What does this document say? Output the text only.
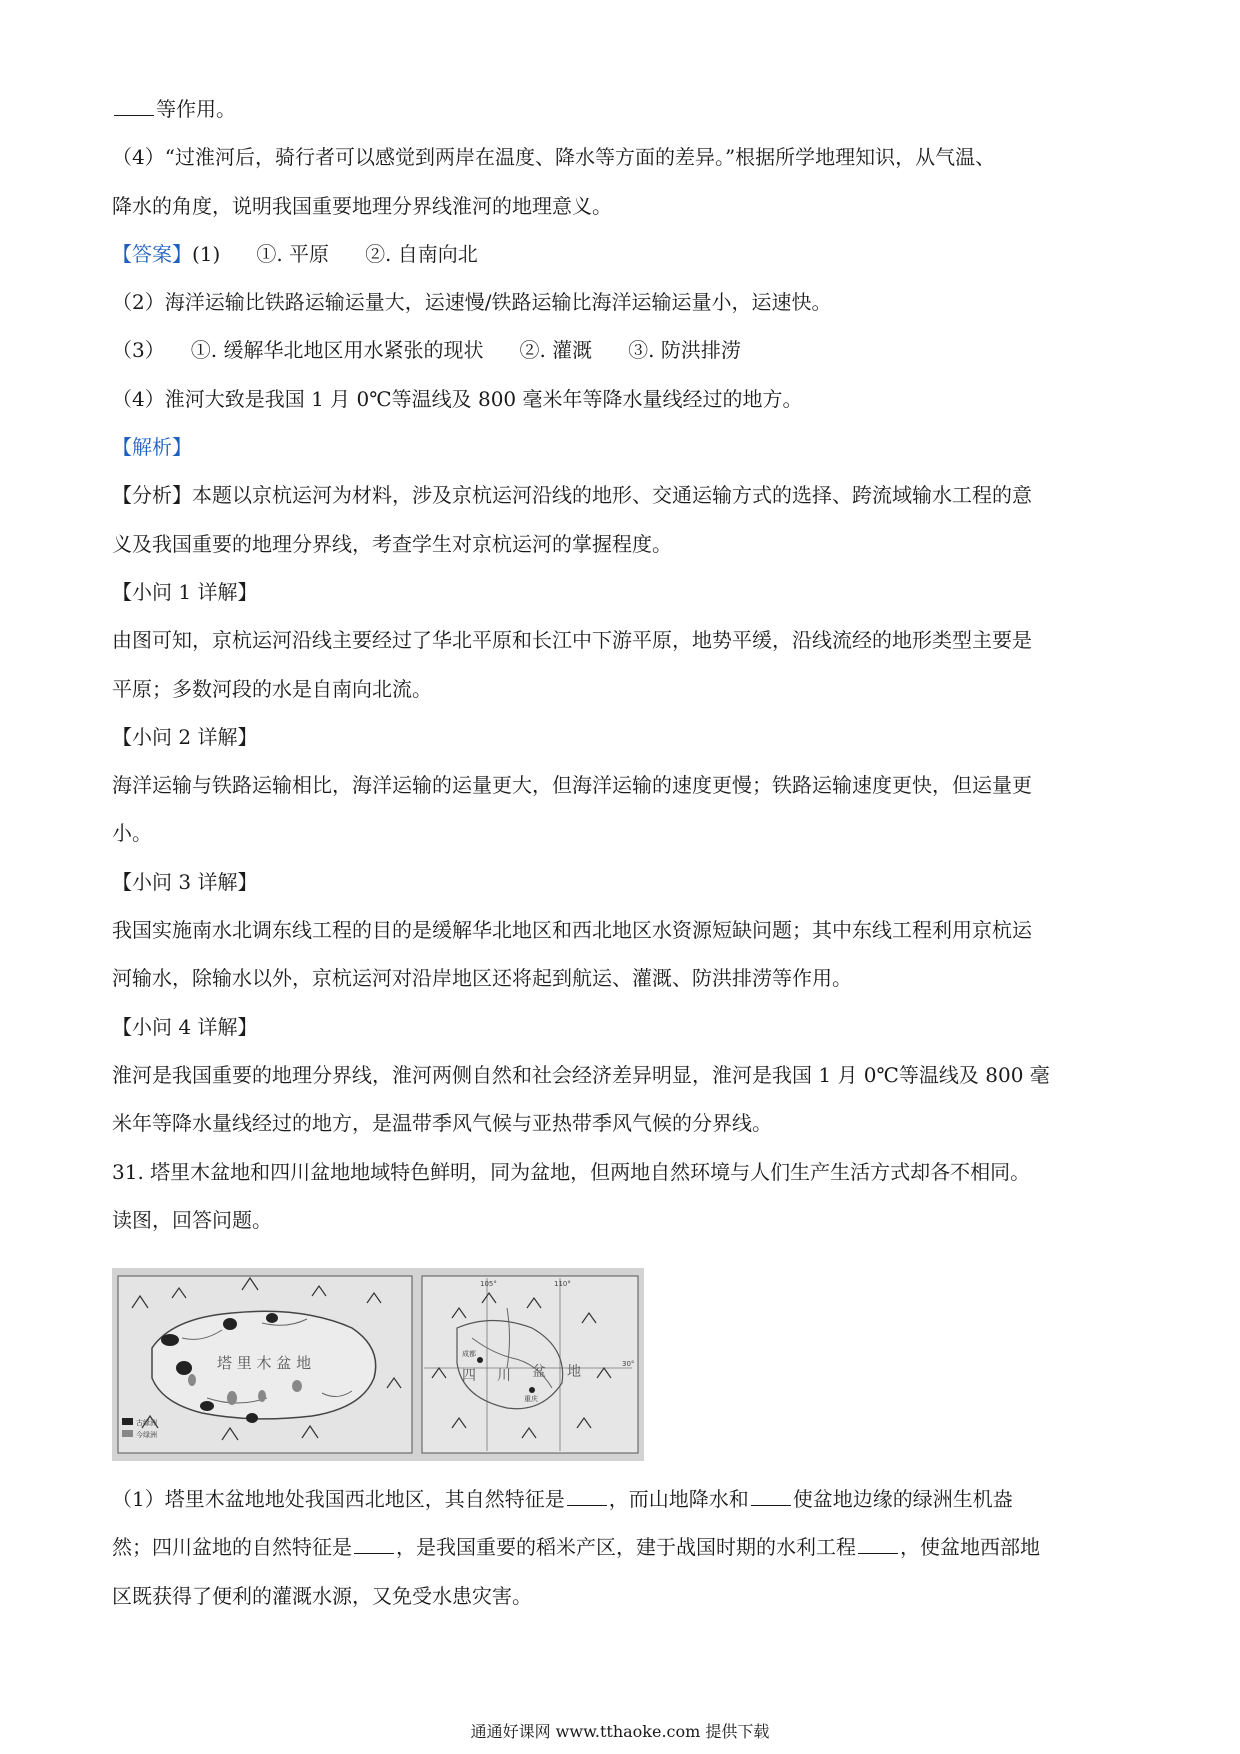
等作用。
（4）“过淮河后，骑行者可以感觉到两岸在温度、降水等方面的差异。”根据所学地理知识，从气温、
降水的角度，说明我国重要地理分界线淮河的地理意义。
【答案】(1) ①. 平原 ②. 自南向北
（2）海洋运输比铁路运输运量大，运速慢/铁路运输比海洋运输运量小，运速快。
（3） ①. 缓解华北地区用水紧张的现状 ②. 灌溉 ③. 防洪排涝
（4）淮河大致是我国 1 月 0℃等温线及 800 毫米年等降水量线经过的地方。
【解析】
【分析】本题以京杭运河为材料，涉及京杭运河沿线的地形、交通运输方式的选择、跨流域输水工程的意
义及我国重要的地理分界线，考查学生对京杭运河的掌握程度。
【小问 1 详解】
由图可知，京杭运河沿线主要经过了华北平原和长江中下游平原，地势平缓，沿线流经的地形类型主要是
平原；多数河段的水是自南向北流。
【小问 2 详解】
海洋运输与铁路运输相比，海洋运输的运量更大，但海洋运输的速度更慢；铁路运输速度更快，但运量更
小。
【小问 3 详解】
我国实施南水北调东线工程的目的是缓解华北地区和西北地区水资源短缺问题；其中东线工程利用京杭运
河输水，除输水以外，京杭运河对沿岸地区还将起到航运、灌溉、防洪排涝等作用。
【小问 4 详解】
淮河是我国重要的地理分界线，淮河两侧自然和社会经济差异明显，淮河是我国 1 月 0℃等温线及 800 毫
米年等降水量线经过的地方，是温带季风气候与亚热带季风气候的分界线。
31. 塔里木盆地和四川盆地地域特色鲜明，同为盆地，但两地自然环境与人们生产生活方式却各不相同。
读图，回答问题。
古绿洲
今绿洲
塔 里 木 盆 地
105°	110°
30°
成都
重庆
四 川 盆 地
（1）塔里木盆地地处我国西北地区，其自然特征是 ，而山地降水和 使盆地边缘的绿洲生机盎
然；四川盆地的自然特征是 ，是我国重要的稻米产区，建于战国时期的水利工程 ，使盆地西部地
区既获得了便利的灌溉水源，又免受水患灾害。
通通好课网 www.tthaoke.com 提供下载
